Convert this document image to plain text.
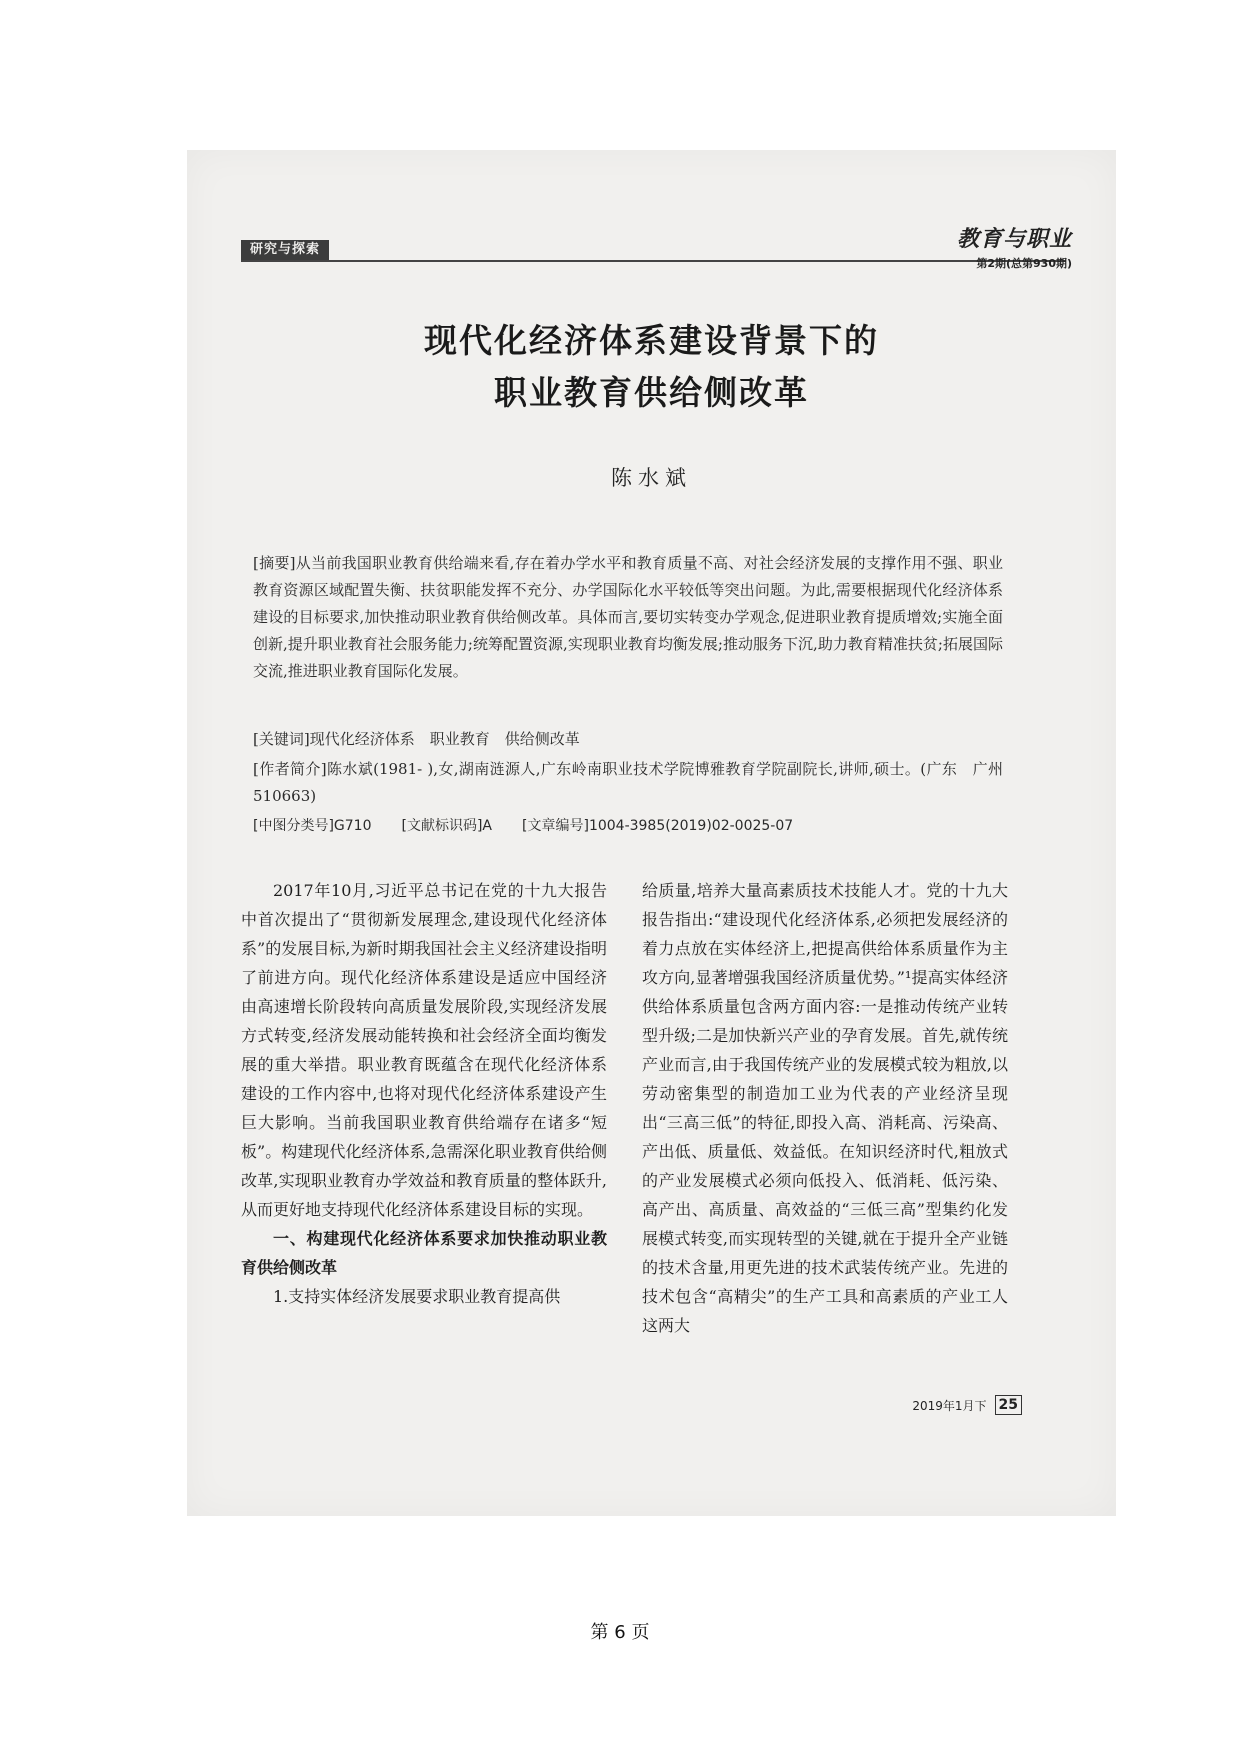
研究与探索	教育与职业
第2期(总第930期)
现代化经济体系建设背景下的
职业教育供给侧改革
陈水斌
[摘要]从当前我国职业教育供给端来看,存在着办学水平和教育质量不高、对社会经济发展的支撑作用不强、职业教育资源区域配置失衡、扶贫职能发挥不充分、办学国际化水平较低等突出问题。为此,需要根据现代化经济体系建设的目标要求,加快推动职业教育供给侧改革。具体而言,要切实转变办学观念,促进职业教育提质增效;实施全面创新,提升职业教育社会服务能力;统筹配置资源,实现职业教育均衡发展;推动服务下沉,助力教育精准扶贫;拓展国际交流,推进职业教育国际化发展。
[关键词]现代化经济体系　职业教育　供给侧改革
[作者简介]陈水斌(1981- ),女,湖南涟源人,广东岭南职业技术学院博雅教育学院副院长,讲师,硕士。(广东　广州　510663)
[中图分类号]G710 [文献标识码]A [文章编号]1004-3985(2019)02-0025-07

2017年10月,习近平总书记在党的十九大报告中首次提出了“贯彻新发展理念,建设现代化经济体系”的发展目标,为新时期我国社会主义经济建设指明了前进方向。现代化经济体系建设是适应中国经济由高速增长阶段转向高质量发展阶段,实现经济发展方式转变,经济发展动能转换和社会经济全面均衡发展的重大举措。职业教育既蕴含在现代化经济体系建设的工作内容中,也将对现代化经济体系建设产生巨大影响。当前我国职业教育供给端存在诸多“短板”。构建现代化经济体系,急需深化职业教育供给侧改革,实现职业教育办学效益和教育质量的整体跃升,从而更好地支持现代化经济体系建设目标的实现。

一、构建现代化经济体系要求加快推动职业教育供给侧改革

1.支持实体经济发展要求职业教育提高供

给质量,培养大量高素质技术技能人才。党的十九大报告指出:“建设现代化经济体系,必须把发展经济的着力点放在实体经济上,把提高供给体系质量作为主攻方向,显著增强我国经济质量优势。”¹提高实体经济供给体系质量包含两方面内容:一是推动传统产业转型升级;二是加快新兴产业的孕育发展。首先,就传统产业而言,由于我国传统产业的发展模式较为粗放,以劳动密集型的制造加工业为代表的产业经济呈现出“三高三低”的特征,即投入高、消耗高、污染高、产出低、质量低、效益低。在知识经济时代,粗放式的产业发展模式必须向低投入、低消耗、低污染、高产出、高质量、高效益的“三低三高”型集约化发展模式转变,而实现转型的关键,就在于提升全产业链的技术含量,用更先进的技术武装传统产业。先进的技术包含“高精尖”的生产工具和高素质的产业工人这两大

2019年1月下 25
第 6 页
